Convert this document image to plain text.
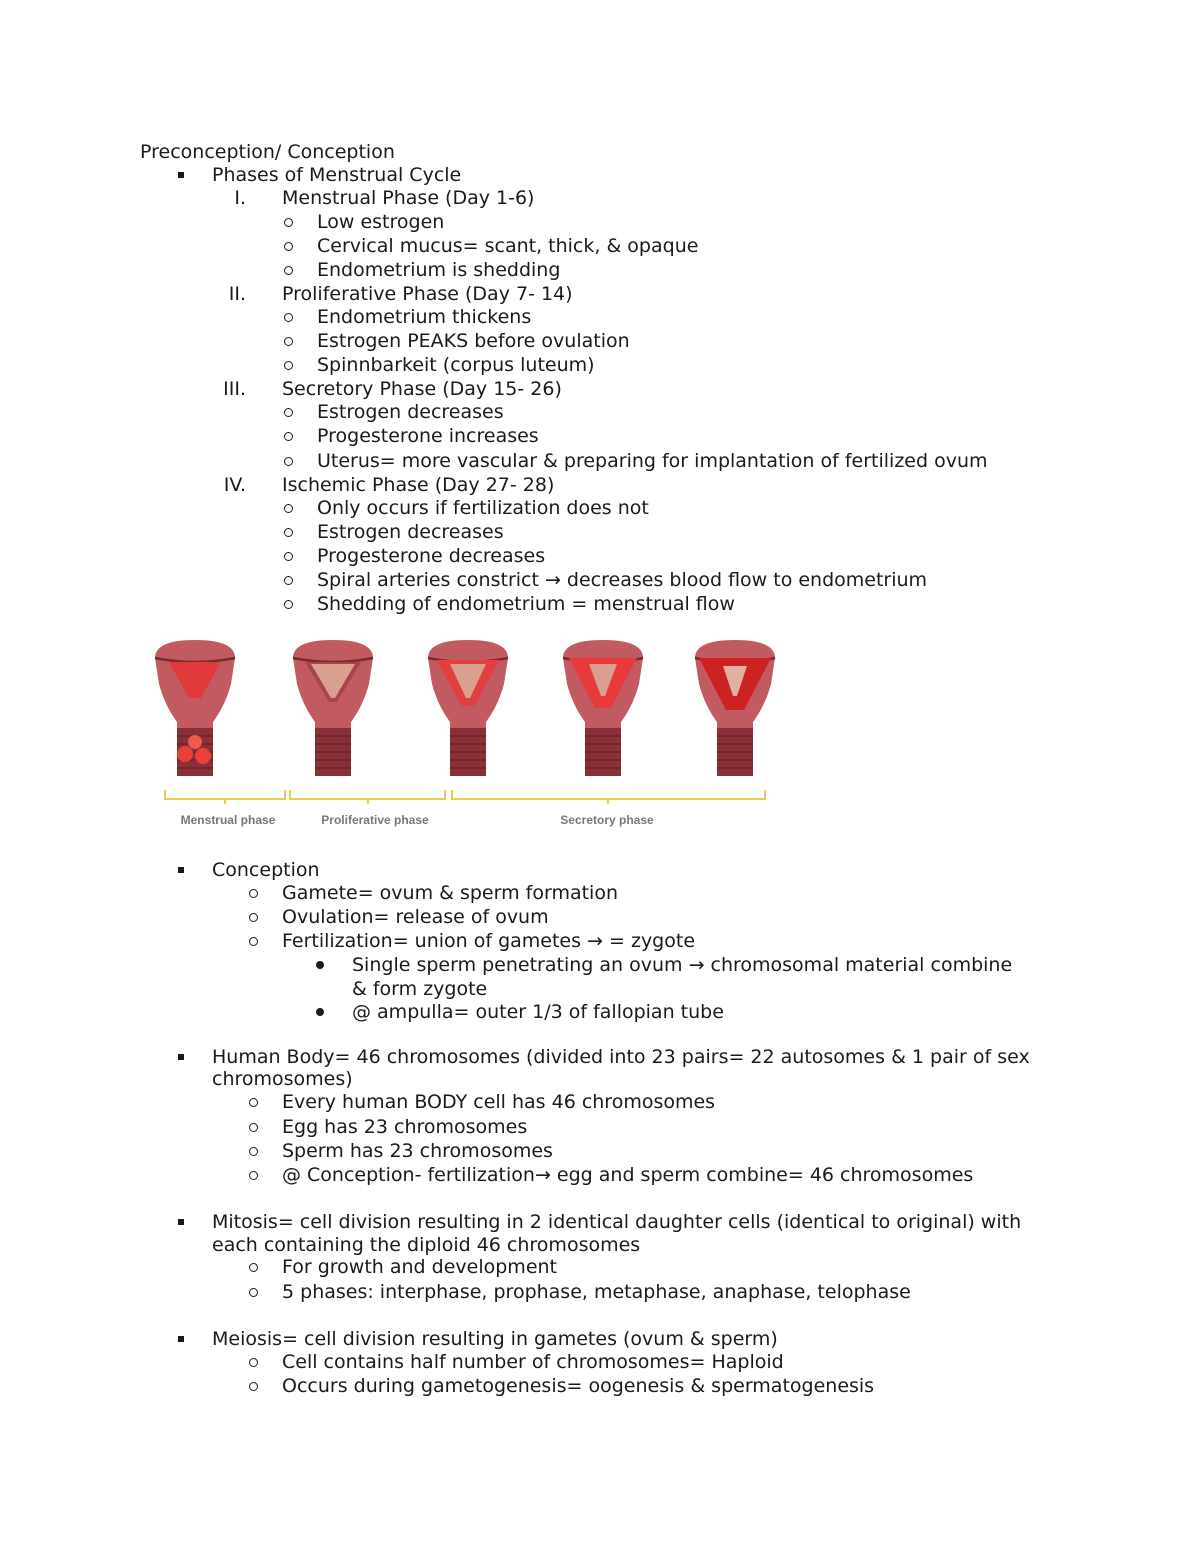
Preconception/ Conception
Phases of Menstrual Cycle
I. Menstrual Phase (Day 1-6)
Low estrogen
Cervical mucus= scant, thick, & opaque
Endometrium is shedding
II. Proliferative Phase (Day 7- 14)
Endometrium thickens
Estrogen PEAKS before ovulation
Spinnbarkeit (corpus luteum)
III. Secretory Phase (Day 15- 26)
Estrogen decreases
Progesterone increases
Uterus= more vascular & preparing for implantation of fertilized ovum
IV. Ischemic Phase (Day 27- 28)
Only occurs if fertilization does not
Estrogen decreases
Progesterone decreases
Spiral arteries constrict → decreases blood flow to endometrium
Shedding of endometrium = menstrual flow
Menstrual phase	Proliferative phase	Secretory phase
Conception
Gamete= ovum & sperm formation
Ovulation= release of ovum
Fertilization= union of gametes → = zygote
Single sperm penetrating an ovum → chromosomal material combine
& form zygote
@ ampulla= outer 1/3 of fallopian tube
Human Body= 46 chromosomes (divided into 23 pairs= 22 autosomes & 1 pair of sex
chromosomes)
Every human BODY cell has 46 chromosomes
Egg has 23 chromosomes
Sperm has 23 chromosomes
@ Conception- fertilization→ egg and sperm combine= 46 chromosomes
Mitosis= cell division resulting in 2 identical daughter cells (identical to original) with
each containing the diploid 46 chromosomes
For growth and development
5 phases: interphase, prophase, metaphase, anaphase, telophase
Meiosis= cell division resulting in gametes (ovum & sperm)
Cell contains half number of chromosomes= Haploid
Occurs during gametogenesis= oogenesis & spermatogenesis
